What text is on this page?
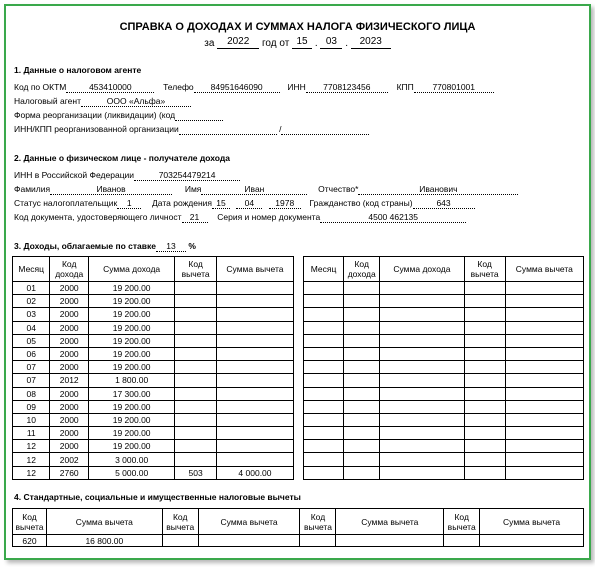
СПРАВКА О ДОХОДАХ И СУММАХ НАЛОГА ФИЗИЧЕСКОГО ЛИЦА
за 2022 год от 15 . 03 . 2023
1. Данные о налоговом агенте
Код по ОКТМ	453410000	Телефо 84951646090	ИНН 7708123456	КПП 770801001
Налоговый агент	ООО «Альфа»
Форма реорганизации (ликвидации) (код
ИНН/КПП реорганизованной организации	/
2. Данные о физическом лице - получателе дохода
ИНН в Российской Федерации	703254479214
Фамилия	Иванов	Имя	Иван	Отчество*	Иванович
Статус налогоплательщик 1 Дата рождения 15 04 1978 Гражданство (код страны)	643
Код документа, удостоверяющего личност 21 Серия и номер документа	4500 462135
3. Доходы, облагаемые по ставке 13 %
Месяц	Код дохода	Сумма дохода	Код вычета	Сумма вычета
01	2000	19 200.00		
02	2000	19 200.00		
03	2000	19 200.00		
04	2000	19 200.00		
05	2000	19 200.00		
06	2000	19 200.00		
07	2000	19 200.00		
07	2012	1 800.00		
08	2000	17 300.00		
09	2000	19 200.00		
10	2000	19 200.00		
11	2000	19 200.00		
12	2000	19 200.00		
12	2002	3 000.00		
12	2760	5 000.00	503	4 000.00
Месяц	Код дохода	Сумма дохода	Код вычета	Сумма вычета

4. Стандартные, социальные и имущественные налоговые вычеты
Код вычета	Сумма вычета	Код вычета	Сумма вычета	Код вычета	Сумма вычета	Код вычета	Сумма вычета
620	16 800.00						
